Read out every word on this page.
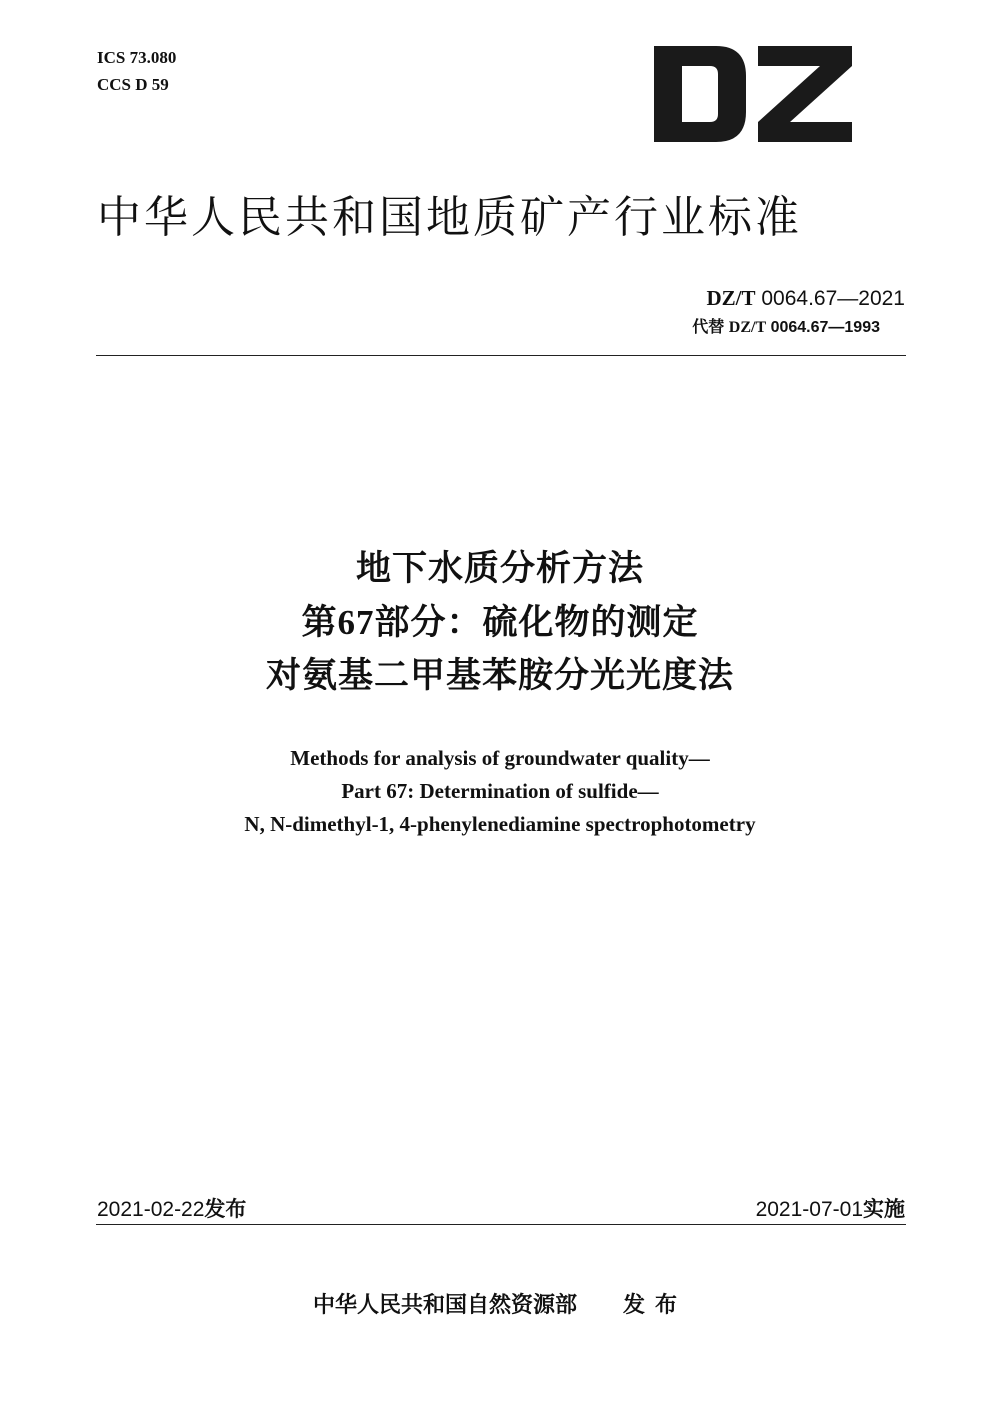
ICS 73.080
CCS D 59
中华人民共和国地质矿产行业标准
DZ/T 0064.67—2021
代替 DZ/T 0064.67—1993
地下水质分析方法
第67部分：硫化物的测定
对氨基二甲基苯胺分光光度法
Methods for analysis of groundwater quality—
Part 67: Determination of sulfide—
N, N-dimethyl-1, 4-phenylenediamine spectrophotometry
2021-02-22发布	2021-07-01实施
中华人民共和国自然资源部 发布
